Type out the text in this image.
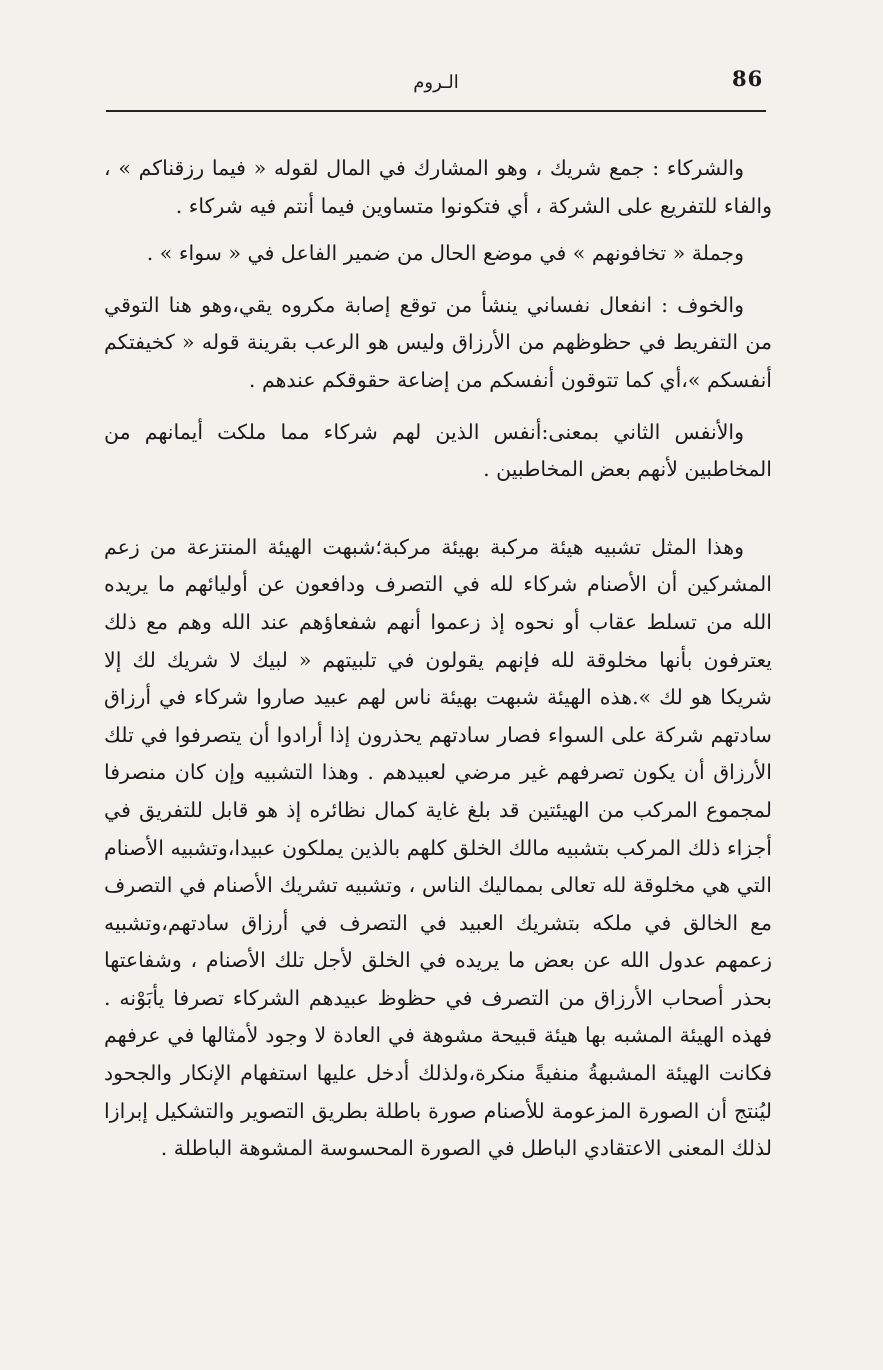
86
الـروم

والشركاء : جمع شريك ، وهو المشارك في المال لقوله « فيما رزقناكم » ، والفاء للتفريع على الشركة ، أي فتكونوا متساوين فيما أنتم فيه شركاء .

وجملة « تخافونهم » في موضع الحال من ضمير الفاعل في « سواء » .

والخوف : انفعال نفساني ينشأ من توقع إصابة مكروه يقي،وهو هنا التوقي من التفريط في حظوظهم من الأرزاق وليس هو الرعب بقرينة قوله « كخيفتكم أنفسكم »،أي كما تتوقون أنفسكم من إضاعة حقوقكم عندهم .

والأنفس الثاني بمعنى:أنفس الذين لهم شركاء مما ملكت أيمانهم من المخاطبين لأنهم بعض المخاطبين .

وهذا المثل تشبيه هيئة مركبة بهيئة مركبة؛شبهت الهيئة المنتزعة من زعم المشركين أن الأصنام شركاء لله في التصرف ودافعون عن أوليائهم ما يريده الله من تسلط عقاب أو نحوه إذ زعموا أنهم شفعاؤهم عند الله وهم مع ذلك يعترفون بأنها مخلوقة لله فإنهم يقولون في تلبيتهم « لبيك لا شريك لك إلا شريكا هو لك ».هذه الهيئة شبهت بهيئة ناس لهم عبيد صاروا شركاء في أرزاق سادتهم شركة على السواء فصار سادتهم يحذرون إذا أرادوا أن يتصرفوا في تلك الأرزاق أن يكون تصرفهم غير مرضي لعبيدهم . وهذا التشبيه وإن كان منصرفا لمجموع المركب من الهيئتين قد بلغ غاية كمال نظائره إذ هو قابل للتفريق في أجزاء ذلك المركب بتشبيه مالك الخلق كلهم بالذين يملكون عبيدا،وتشبيه الأصنام التي هي مخلوقة لله تعالى بمماليك الناس ، وتشبيه تشريك الأصنام في التصرف مع الخالق في ملكه بتشريك العبيد في التصرف في أرزاق سادتهم،وتشبيه زعمهم عدول الله عن بعض ما يريده في الخلق لأجل تلك الأصنام ، وشفاعتها بحذر أصحاب الأرزاق من التصرف في حظوظ عبيدهم الشركاء تصرفا يأبَوْنه . فهذه الهيئة المشبه بها هيئة قبيحة مشوهة في العادة لا وجود لأمثالها في عرفهم فكانت الهيئة المشبهةُ منفيةً منكرة،ولذلك أدخل عليها استفهام الإنكار والجحود ليُنتج أن الصورة المزعومة للأصنام صورة باطلة بطريق التصوير والتشكيل إبرازا لذلك المعنى الاعتقادي الباطل في الصورة المحسوسة المشوهة الباطلة .
